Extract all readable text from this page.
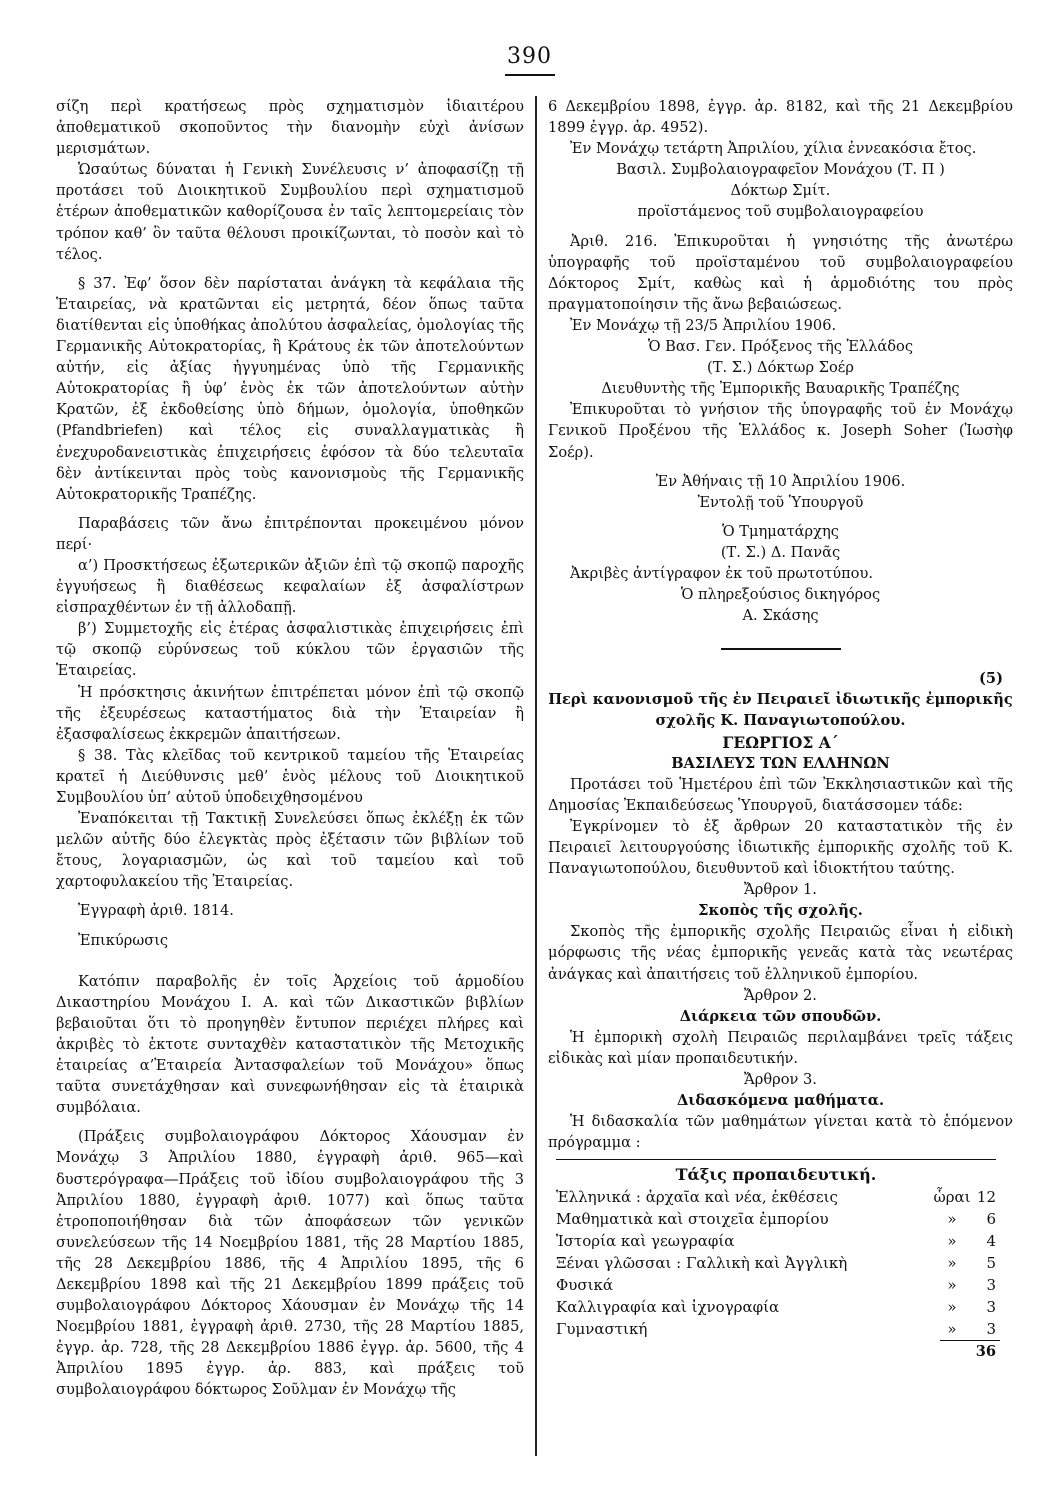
390

σίζη περὶ κρατήσεως πρὸς σχηματισμὸν ἰδιαιτέρου ἀποθεματικοῦ σκοποῦντος τὴν διανομὴν εὐχὶ ἀνίσων μερισμάτων.

Ὡσαύτως δύναται ἡ Γενικὴ Συνέλευσις ν’ ἀποφασίζῃ τῇ προτάσει τοῦ Διοικητικοῦ Συμβουλίου περὶ σχηματισμοῦ ἑτέρων ἀποθεματικῶν καθορίζουσα ἐν ταῖς λεπτομερείαις τὸν τρόπον καθ’ ὃν ταῦτα θέλουσι προικίζωνται, τὸ ποσὸν καὶ τὸ τέλος.

§ 37. Ἐφ’ ὅσον δὲν παρίσταται ἀνάγκη τὰ κεφάλαια τῆς Ἑταιρείας, νὰ κρατῶνται εἰς μετρητά, δέον ὅπως ταῦτα διατίθενται εἰς ὑποθήκας ἀπολύτου ἀσφαλείας, ὁμολογίας τῆς Γερμανικῆς Αὐτοκρατορίας, ἢ Κράτους ἐκ τῶν ἀποτελούντων αὐτήν, εἰς ἀξίας ἠγγυημένας ὑπὸ τῆς Γερμανικῆς Αὐτοκρατορίας ἢ ὑφ’ ἑνὸς ἐκ τῶν ἀποτελούντων αὐτὴν Κρατῶν, ἐξ ἐκδοθείσης ὑπὸ δήμων, ὁμολογία, ὑποθηκῶν (Pfandbriefen) καὶ τέλος εἰς συναλλαγματικὰς ἢ ἐνεχυροδανειστικὰς ἐπιχειρήσεις ἐφόσον τὰ δύο τελευταῖα δὲν ἀντίκεινται πρὸς τοὺς κανονισμοὺς τῆς Γερμανικῆς Αὐτοκρατορικῆς Τραπέζης.

Παραβάσεις τῶν ἄνω ἐπιτρέπονται προκειμένου μόνον περί·

α’) Προσκτήσεως ἐξωτερικῶν ἀξιῶν ἐπὶ τῷ σκοπῷ παροχῆς ἐγγυήσεως ἢ διαθέσεως κεφαλαίων ἐξ ἀσφαλίστρων εἰσπραχθέντων ἐν τῇ ἀλλοδαπῇ.

β’) Συμμετοχῆς εἰς ἑτέρας ἀσφαλιστικὰς ἐπιχειρήσεις ἐπὶ τῷ σκοπῷ εὐρύνσεως τοῦ κύκλου τῶν ἐργασιῶν τῆς Ἑταιρείας.

Ἡ πρόσκτησις ἀκινήτων ἐπιτρέπεται μόνον ἐπὶ τῷ σκοπῷ τῆς ἐξευρέσεως καταστήματος διὰ τὴν Ἑταιρείαν ἢ ἐξασφαλίσεως ἐκκρεμῶν ἀπαιτήσεων.

§ 38. Τὰς κλεῖδας τοῦ κεντρικοῦ ταμείου τῆς Ἑταιρείας κρατεῖ ἡ Διεύθυνσις μεθ’ ἑνὸς μέλους τοῦ Διοικητικοῦ Συμβουλίου ὑπ’ αὐτοῦ ὑποδειχθησομένου

Ἐναπόκειται τῇ Τακτικῇ Συνελεύσει ὅπως ἐκλέξῃ ἐκ τῶν μελῶν αὐτῆς δύο ἐλεγκτὰς πρὸς ἐξέτασιν τῶν βιβλίων τοῦ ἔτους, λογαριασμῶν, ὡς καὶ τοῦ ταμείου καὶ τοῦ χαρτοφυλακείου τῆς Ἑταιρείας.

Ἐγγραφὴ ἀριθ. 1814.

Ἐπικύρωσις

Κατόπιν παραβολῆς ἐν τοῖς Ἀρχείοις τοῦ ἁρμοδίου Δικαστηρίου Μονάχου Ι. Α. καὶ τῶν Δικαστικῶν βιβλίων βεβαιοῦται ὅτι τὸ προηγηθὲν ἔντυπον περιέχει πλήρες καὶ ἀκριβὲς τὸ ἑκτοτε συνταχθὲν καταστατικὸν τῆς Μετοχικῆς ἑταιρείας α’Ἑταιρεία Ἀντασφαλείων τοῦ Μονάχου» ὅπως ταῦτα συνετάχθησαν καὶ συνεφωνήθησαν εἰς τὰ ἑταιρικὰ συμβόλαια.

(Πράξεις συμβολαιογράφου Δόκτορος Χάουσμαν ἐν Μονάχῳ 3 Ἀπριλίου 1880, ἐγγραφὴ ἀριθ. 965—καὶ δυστερόγραφα—Πράξεις τοῦ ἰδίου συμβολαιογράφου τῆς 3 Ἀπριλίου 1880, ἐγγραφὴ ἀριθ. 1077) καὶ ὅπως ταῦτα ἐτροποποιήθησαν διὰ τῶν ἀποφάσεων τῶν γενικῶν συνελεύσεων τῆς 14 Νοεμβρίου 1881, τῆς 28 Μαρτίου 1885, τῆς 28 Δεκεμβρίου 1886, τῆς 4 Ἀπριλίου 1895, τῆς 6 Δεκεμβρίου 1898 καὶ τῆς 21 Δεκεμβρίου 1899 πράξεις τοῦ συμβολαιογράφου Δόκτορος Χάουσμαν ἐν Μονάχῳ τῆς 14 Νοεμβρίου 1881, ἐγγραφὴ ἀριθ. 2730, τῆς 28 Μαρτίου 1885, ἐγγρ. ἀρ. 728, τῆς 28 Δεκεμβρίου 1886 ἐγγρ. ἀρ. 5600, τῆς 4 Ἀπριλίου 1895 ἐγγρ. ἀρ. 883, καὶ πράξεις τοῦ συμβολαιογράφου δόκτωρος Σοῦλμαν ἐν Μονάχῳ τῆς

6 Δεκεμβρίου 1898, ἐγγρ. ἀρ. 8182, καὶ τῆς 21 Δεκεμβρίου 1899 ἐγγρ. ἀρ. 4952).

Ἐν Μονάχῳ τετάρτη Ἀπριλίου, χίλια ἐννεακόσια ἔτος.

Βασιλ. Συμβολαιογραφεῖον Μονάχου (Τ. Π )

Δόκτωρ Σμίτ.

προϊστάμενος τοῦ συμβολαιογραφείου

Ἀριθ. 216. Ἐπικυροῦται ἡ γνησιότης τῆς ἀνωτέρω ὑπογραφῆς τοῦ προϊσταμένου τοῦ συμβολαιογραφείου Δόκτορος Σμίτ, καθὼς καὶ ἡ ἁρμοδιότης του πρὸς πραγματοποίησιν τῆς ἄνω βεβαιώσεως.

Ἐν Μονάχῳ τῇ 23/5 Ἀπριλίου 1906.

Ὁ Βασ. Γεν. Πρόξενος τῆς Ἑλλάδος

(Τ. Σ.) Δόκτωρ Σοέρ

Διευθυντὴς τῆς Ἐμπορικῆς Βαυαρικῆς Τραπέζης

Ἐπικυροῦται τὸ γνήσιον τῆς ὑπογραφῆς τοῦ ἐν Μονάχῳ Γενικοῦ Προξένου τῆς Ἑλλάδος κ. Joseph Soher (Ἰωσὴφ Σοέρ).

Ἐν Ἀθήναις τῇ 10 Ἀπριλίου 1906.

Ἐντολῇ τοῦ Ὑπουργοῦ

Ὁ Τμηματάρχης

(Τ. Σ.) Δ. Πανᾶς

Ἀκριβὲς ἀντίγραφον ἐκ τοῦ πρωτοτύπου.

Ὁ πληρεξούσιος δικηγόρος

Α. Σκάσης

(5)

Περὶ κανονισμοῦ τῆς ἐν Πειραιεῖ ἰδιωτικῆς ἐμπορικῆς σχολῆς Κ. Παναγιωτοπούλου.

ΓΕΩΡΓΙΟΣ Α΄

ΒΑΣΙΛΕΥΣ ΤΩΝ ΕΛΛΗΝΩΝ

Προτάσει τοῦ Ἡμετέρου ἐπὶ τῶν Ἐκκλησιαστικῶν καὶ τῆς Δημοσίας Ἐκπαιδεύσεως Ὑπουργοῦ, διατάσσομεν τάδε:

Ἐγκρίνομεν τὸ ἐξ ἄρθρων 20 καταστατικὸν τῆς ἐν Πειραιεῖ λειτουργούσης ἰδιωτικῆς ἐμπορικῆς σχολῆς τοῦ Κ. Παναγιωτοπούλου, διευθυντοῦ καὶ ἰδιοκτήτου ταύτης.

Ἄρθρον 1.

Σκοπὸς τῆς σχολῆς.

Σκοπὸς τῆς ἐμπορικῆς σχολῆς Πειραιῶς εἶναι ἡ εἰδικὴ μόρφωσις τῆς νέας ἐμπορικῆς γενεᾶς κατὰ τὰς νεωτέρας ἀνάγκας καὶ ἀπαιτήσεις τοῦ ἑλληνικοῦ ἐμπορίου.

Ἄρθρον 2.

Διάρκεια τῶν σπουδῶν.

Ἡ ἐμπορικὴ σχολὴ Πειραιῶς περιλαμβάνει τρεῖς τάξεις εἰδικὰς καὶ μίαν προπαιδευτικήν.

Ἄρθρον 3.

Διδασκόμενα μαθήματα.

Ἡ διδασκαλία τῶν μαθημάτων γίνεται κατὰ τὸ ἑπόμενον πρόγραμμα :

Τάξις προπαιδευτική.
Ἑλληνικά : ἀρχαῖα καὶ νέα, ἐκθέσεις	ὧραι	12
Μαθηματικὰ καὶ στοιχεῖα ἐμπορίου	»	6
Ἱστορία καὶ γεωγραφία	»	4
Ξέναι γλῶσσαι : Γαλλικὴ καὶ Ἀγγλικὴ	»	5
Φυσικά	»	3
Καλλιγραφία καὶ ἰχνογραφία	»	3
Γυμναστική	»	3
36
